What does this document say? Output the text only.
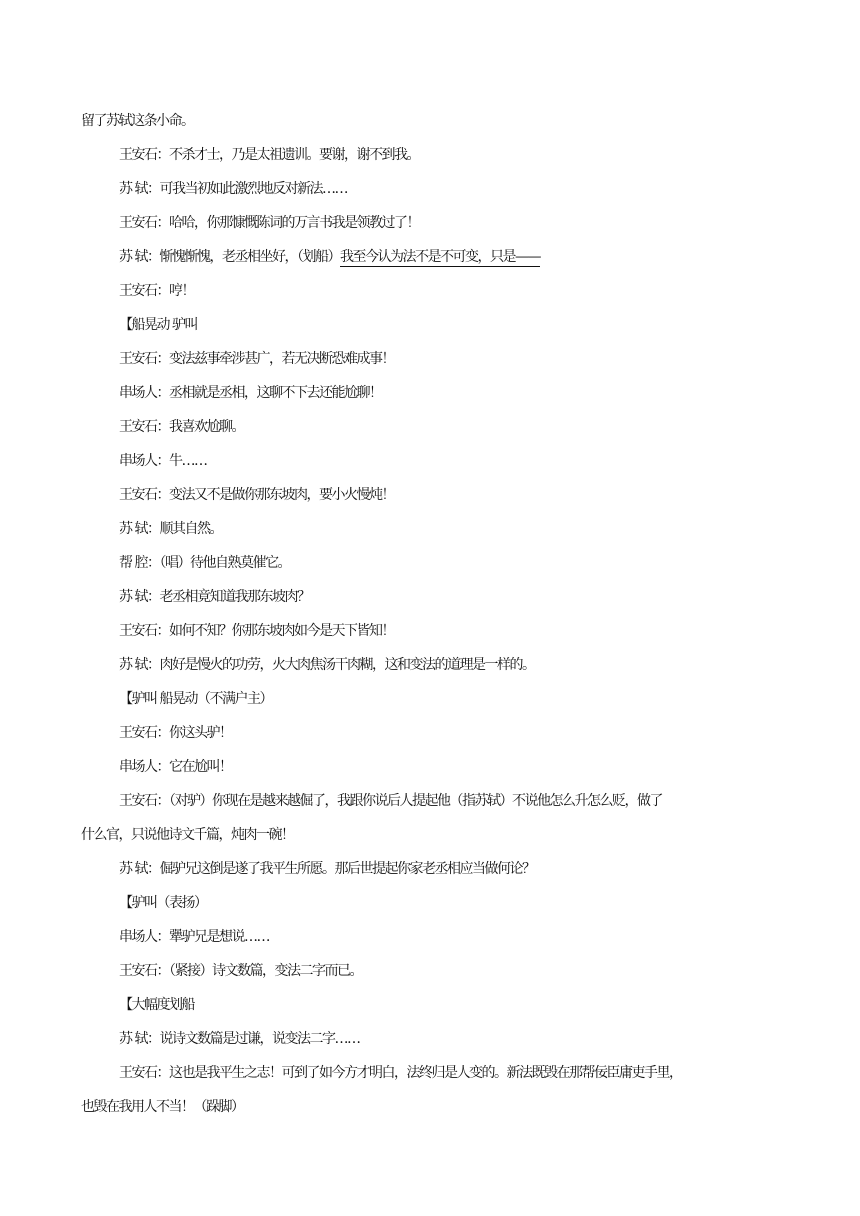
留了苏轼这条小命。
王安石：不杀才士，乃是太祖遗训。要谢，谢不到我。
苏 轼：可我当初如此激烈地反对新法……
王安石：哈哈，你那慷慨陈词的万言书我是领教过了！
苏 轼：惭愧惭愧，老丞相坐好，（划船）我至今认为法不是不可变，只是——
王安石：哼！
【船晃动 驴叫
王安石：变法兹事牵涉甚广，若无决断恐难成事！
串场人：丞相就是丞相，这聊不下去还能尬聊！
王安石：我喜欢尬聊。
串场人：牛……
王安石：变法又不是做你那东坡肉，要小火慢炖！
苏 轼：顺其自然。
帮 腔：（唱）待他自熟莫催它。
苏 轼：老丞相竟知道我那东坡肉？
王安石：如何不知？你那东坡肉如今是天下皆知！
苏 轼：肉好是慢火的功劳，火大肉焦汤干肉糊，这和变法的道理是一样的。
【驴叫 船晃动（不满户主）
王安石：你这头驴！
串场人：它在尬叫！
王安石：（对驴）你现在是越来越倔了，我跟你说后人提起他（指苏轼）不说他怎么升怎么贬，做了
什么官，只说他诗文千篇，炖肉一碗！
苏 轼：倔驴兄这倒是遂了我平生所愿。那后世提起你家老丞相应当做何论？
【驴叫（表扬）
串场人：犟驴兄是想说……
王安石：（紧接）诗文数篇，变法二字而已。
【大幅度划船
苏 轼：说诗文数篇是过谦，说变法二字……
王安石：这也是我平生之志！可到了如今方才明白，法终归是人变的。新法既毁在那帮佞臣庸吏手里，
也毁在我用人不当！（跺脚）
